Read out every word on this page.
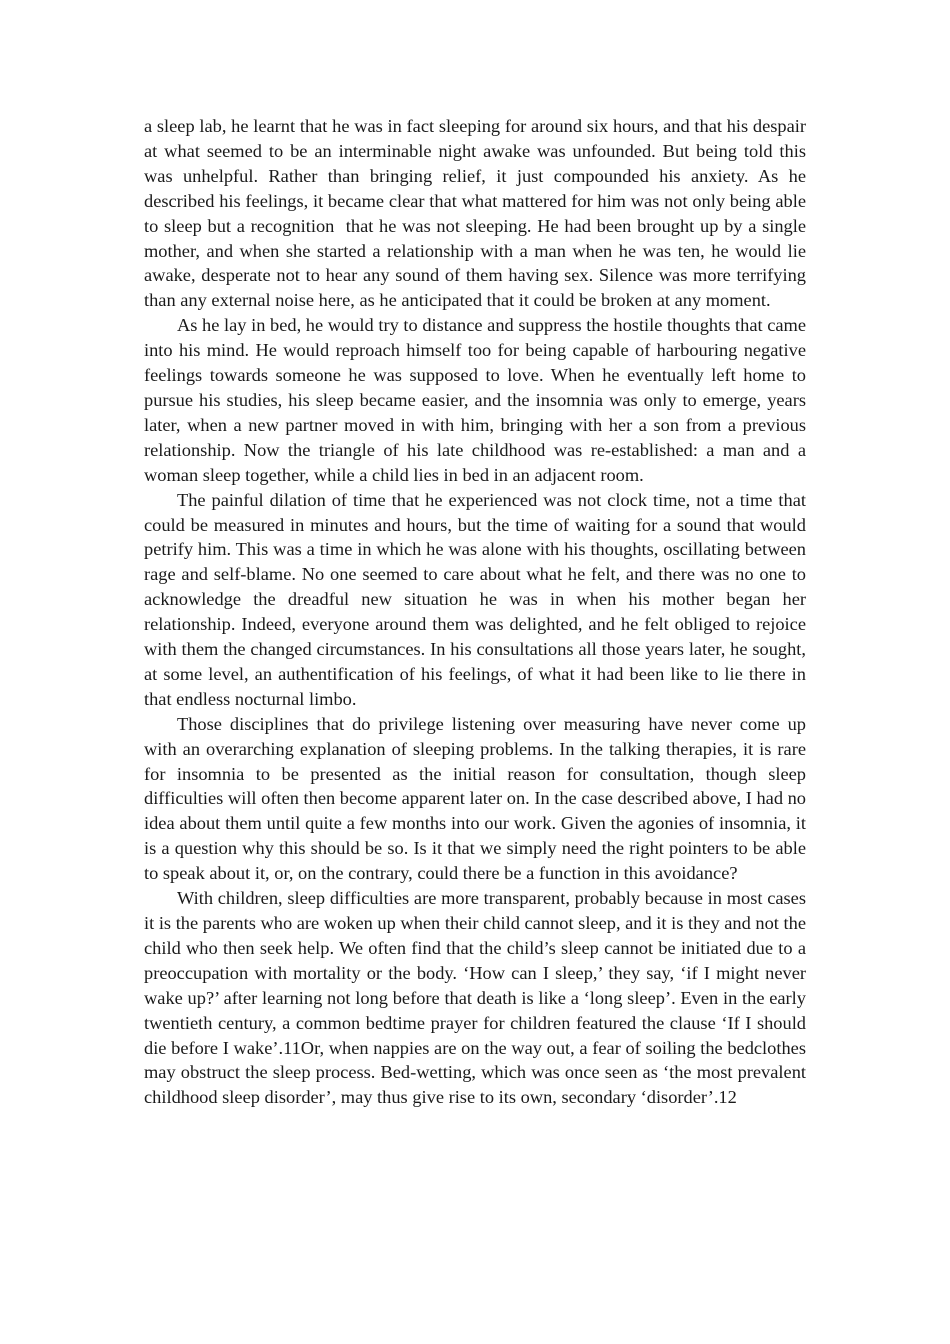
a sleep lab, he learnt that he was in fact sleeping for around six hours, and that his despair at what seemed to be an interminable night awake was unfounded. But being told this was unhelpful. Rather than bringing relief, it just compounded his anxiety. As he described his feelings, it became clear that what mattered for him was not only being able to sleep but a recognition  that he was not sleeping. He had been brought up by a single mother, and when she started a relationship with a man when he was ten, he would lie awake, desperate not to hear any sound of them having sex. Silence was more terrifying than any external noise here, as he anticipated that it could be broken at any moment.

As he lay in bed, he would try to distance and suppress the hostile thoughts that came into his mind. He would reproach himself too for being capable of harbouring negative feelings towards someone he was supposed to love. When he eventually left home to pursue his studies, his sleep became easier, and the insomnia was only to emerge, years later, when a new partner moved in with him, bringing with her a son from a previous relationship. Now the triangle of his late childhood was re-established: a man and a woman sleep together, while a child lies in bed in an adjacent room.

The painful dilation of time that he experienced was not clock time, not a time that could be measured in minutes and hours, but the time of waiting for a sound that would petrify him. This was a time in which he was alone with his thoughts, oscillating between rage and self-blame. No one seemed to care about what he felt, and there was no one to acknowledge the dreadful new situation he was in when his mother began her relationship. Indeed, everyone around them was delighted, and he felt obliged to rejoice with them the changed circumstances. In his consultations all those years later, he sought, at some level, an authentification of his feelings, of what it had been like to lie there in that endless nocturnal limbo.

Those disciplines that do privilege listening over measuring have never come up with an overarching explanation of sleeping problems. In the talking therapies, it is rare for insomnia to be presented as the initial reason for consultation, though sleep difficulties will often then become apparent later on. In the case described above, I had no idea about them until quite a few months into our work. Given the agonies of insomnia, it is a question why this should be so. Is it that we simply need the right pointers to be able to speak about it, or, on the contrary, could there be a function in this avoidance?

With children, sleep difficulties are more transparent, probably because in most cases it is the parents who are woken up when their child cannot sleep, and it is they and not the child who then seek help. We often find that the child’s sleep cannot be initiated due to a preoccupation with mortality or the body. ‘How can I sleep,’ they say, ‘if I might never wake up?’ after learning not long before that death is like a ‘long sleep’. Even in the early twentieth century, a common bedtime prayer for children featured the clause ‘If I should die before I wake’.11Or, when nappies are on the way out, a fear of soiling the bedclothes may obstruct the sleep process. Bed-wetting, which was once seen as ‘the most prevalent childhood sleep disorder’, may thus give rise to its own, secondary ‘disorder’.12
